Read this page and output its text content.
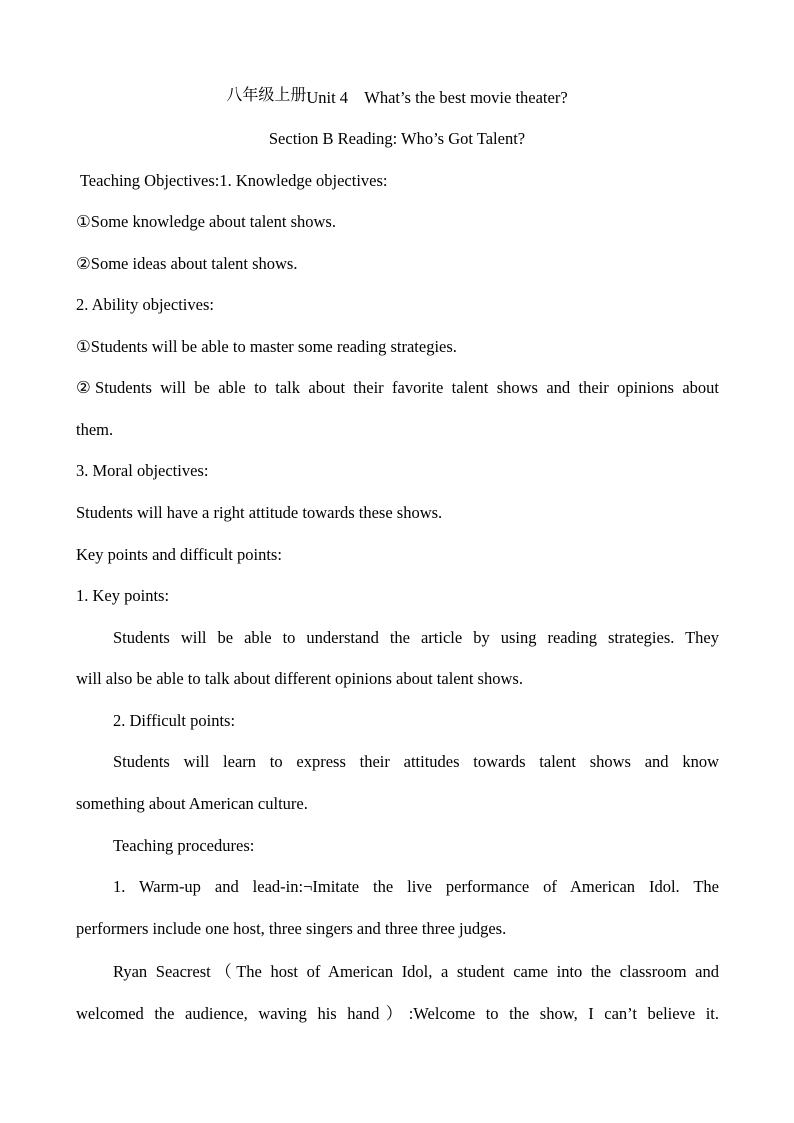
八年级上册Unit 4    What’s the best movie theater?
Section B Reading: Who’s Got Talent?
Teaching Objectives:1. Knowledge objectives:
①Some knowledge about talent shows.
②Some ideas about talent shows.
2. Ability objectives:
①Students will be able to master some reading strategies.
②Students will be able to talk about their favorite talent shows and their opinions about
them.
3. Moral objectives:
Students will have a right attitude towards these shows.
Key points and difficult points:
1. Key points:
Students will be able to understand the article by using reading strategies. They
will also be able to talk about different opinions about talent shows.
2. Difficult points:
Students will learn to express their attitudes towards talent shows and know
something about American culture.
Teaching procedures:
1. Warm-up and lead-in:¬Imitate the live performance of American Idol. The
performers include one host, three singers and three three judges.
Ryan Seacrest（The host of American Idol, a student came into the classroom and
welcomed the audience, waving his hand）:Welcome to the show, I can’t believe it.
